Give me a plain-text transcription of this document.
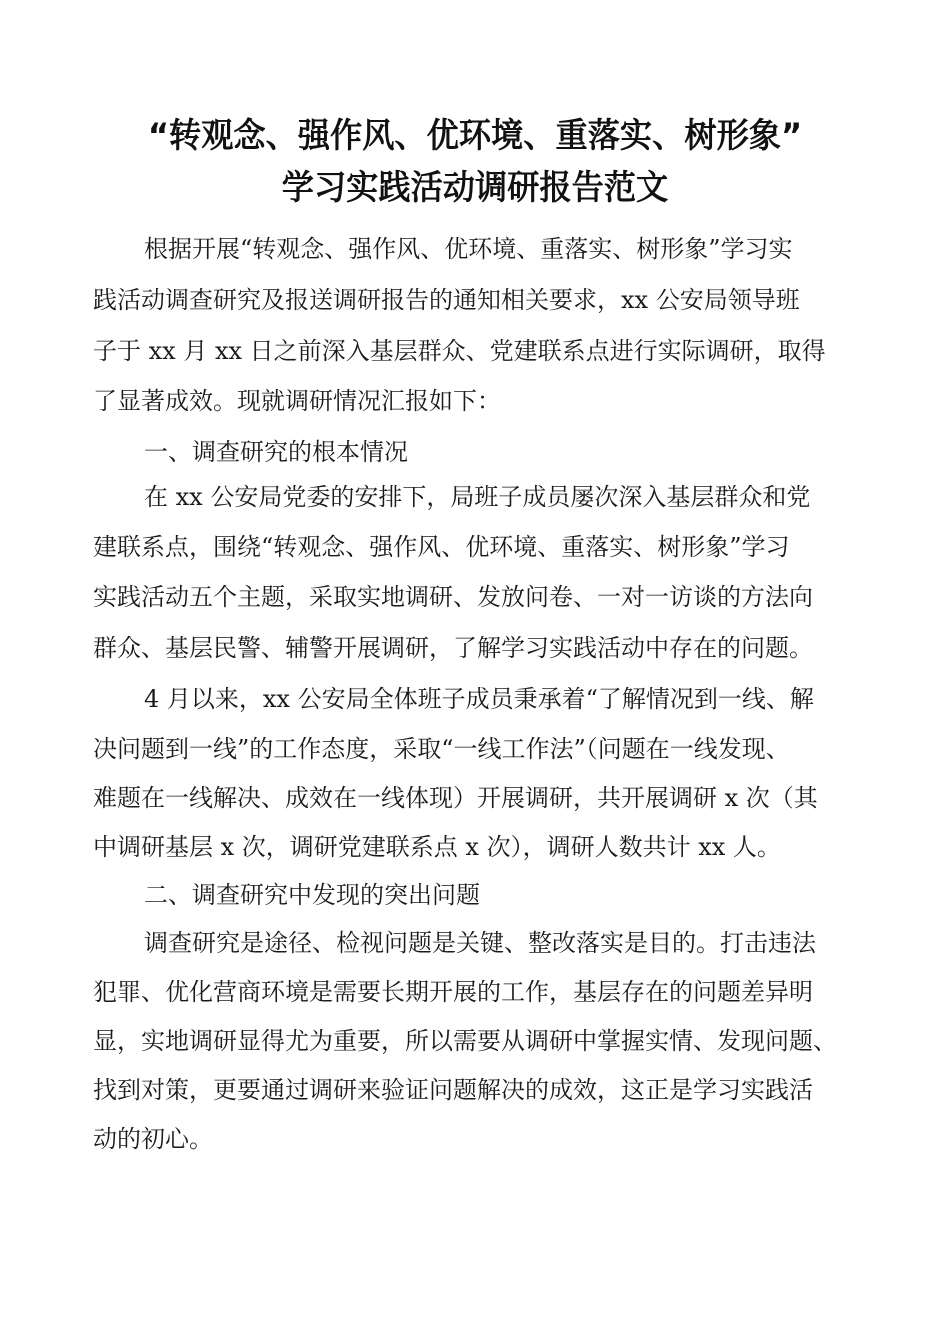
“转观念、强作风、优环境、重落实、树形象”
学习实践活动调研报告范文
根据开展“转观念、强作风、优环境、重落实、树形象”学习实
践活动调查研究及报送调研报告的通知相关要求，xx 公安局领导班
子于 xx 月 xx 日之前深入基层群众、党建联系点进行实际调研，取得
了显著成效。现就调研情况汇报如下：
一、调查研究的根本情况
在 xx 公安局党委的安排下，局班子成员屡次深入基层群众和党
建联系点，围绕“转观念、强作风、优环境、重落实、树形象”学习
实践活动五个主题，采取实地调研、发放问卷、一对一访谈的方法向
群众、基层民警、辅警开展调研，了解学习实践活动中存在的问题。
4 月以来，xx 公安局全体班子成员秉承着“了解情况到一线、解
决问题到一线”的工作态度，采取“一线工作法”（问题在一线发现、
难题在一线解决、成效在一线体现）开展调研，共开展调研 x 次（其
中调研基层 x 次，调研党建联系点 x 次），调研人数共计 xx 人。
二、调查研究中发现的突出问题
调查研究是途径、检视问题是关键、整改落实是目的。打击违法
犯罪、优化营商环境是需要长期开展的工作，基层存在的问题差异明
显，实地调研显得尤为重要，所以需要从调研中掌握实情、发现问题、
找到对策，更要通过调研来验证问题解决的成效，这正是学习实践活
动的初心。
